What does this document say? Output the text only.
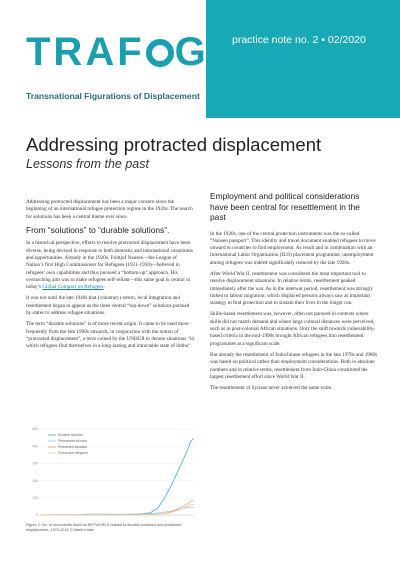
TRAF G
Transnational Figurations of Displacement
practice note no. 2 • 02/2020
Addressing protracted displacement
Lessons from the past

Addressing protracted displacement has been a major concern since the beginning of an international refugee protection regime in the 1920s. The search for solutions has been a central theme ever since.

From “solutions” to “durable solutions”.

In a historical perspective, efforts to resolve protracted displacement have been diverse, being devised in response to both domestic and international constraints and opportunities. Already in the 1920s, Fridtjof Nansen—the League of Nation’s first High Commissioner for Refugees (1921-1930)—believed in refugees’ own capabilities and thus pursued a “bottom-up” approach. His overarching aim was to make refugees self-reliant—this same goal is central in today’s Global Compact on Refugees.

It was not until the late 1940s that (voluntary) return, local integration and resettlement began to appear as the three central “top-down” solutions pursued by states to address refugee situations.

The term “durable solutions” is of more recent origin. It came to be used more frequently from the late 1990s onwards, in conjunction with the notion of “protracted displacement”, a term coined by the UNHCR to denote situations “in which refugees find themselves in a long-lasting and intractable state of limbo”.

Employment and political considerations have been central for resettlement in the past

In the 1920s, one of the central protection instruments was the so-called “Nansen passport”. This identity and travel document enabled refugees to move onward to countries to find employment. As result and in combination with an International Labor Organization (ILO) placement programme, unemployment among refugees was indeed significantly reduced by the late 1920s.

After World War II, resettlement was considered the most important tool to resolve displacement situations. In relative terms, resettlement peaked immediately after the war. As in the interwar period, resettlement was strongly linked to labour migration; which displaced persons always saw as important strategy to find protection and to sustain their lives in the longer run.

Skills-based resettlement was, however, often not pursued in contexts where skills did not match demand and where large cultural distances were perceived, such as in post-colonial African situations. Only the shift towards vulnerability-based criteria in the mid-1990s brought African refugees into resettlement programmes at a significant scale.

But already the resettlement of Indochinese refugees in the late 1970s and 1980s was based on political rather than employment considerations. Both in absolute numbers and in relative terms, resettlement from Indo-China constituted the largest resettlement effort since World War II.

The resettlement of Syrians never achieved the same scale.

0
100
200
300
400
500
Durable solution
Permanent solution
Protracted situation
Protracted refugees
Figure 1: No. of documents found at REFWORLD related to durable solutions and protracted displacement, 1970-2016 © Albert Kraler
